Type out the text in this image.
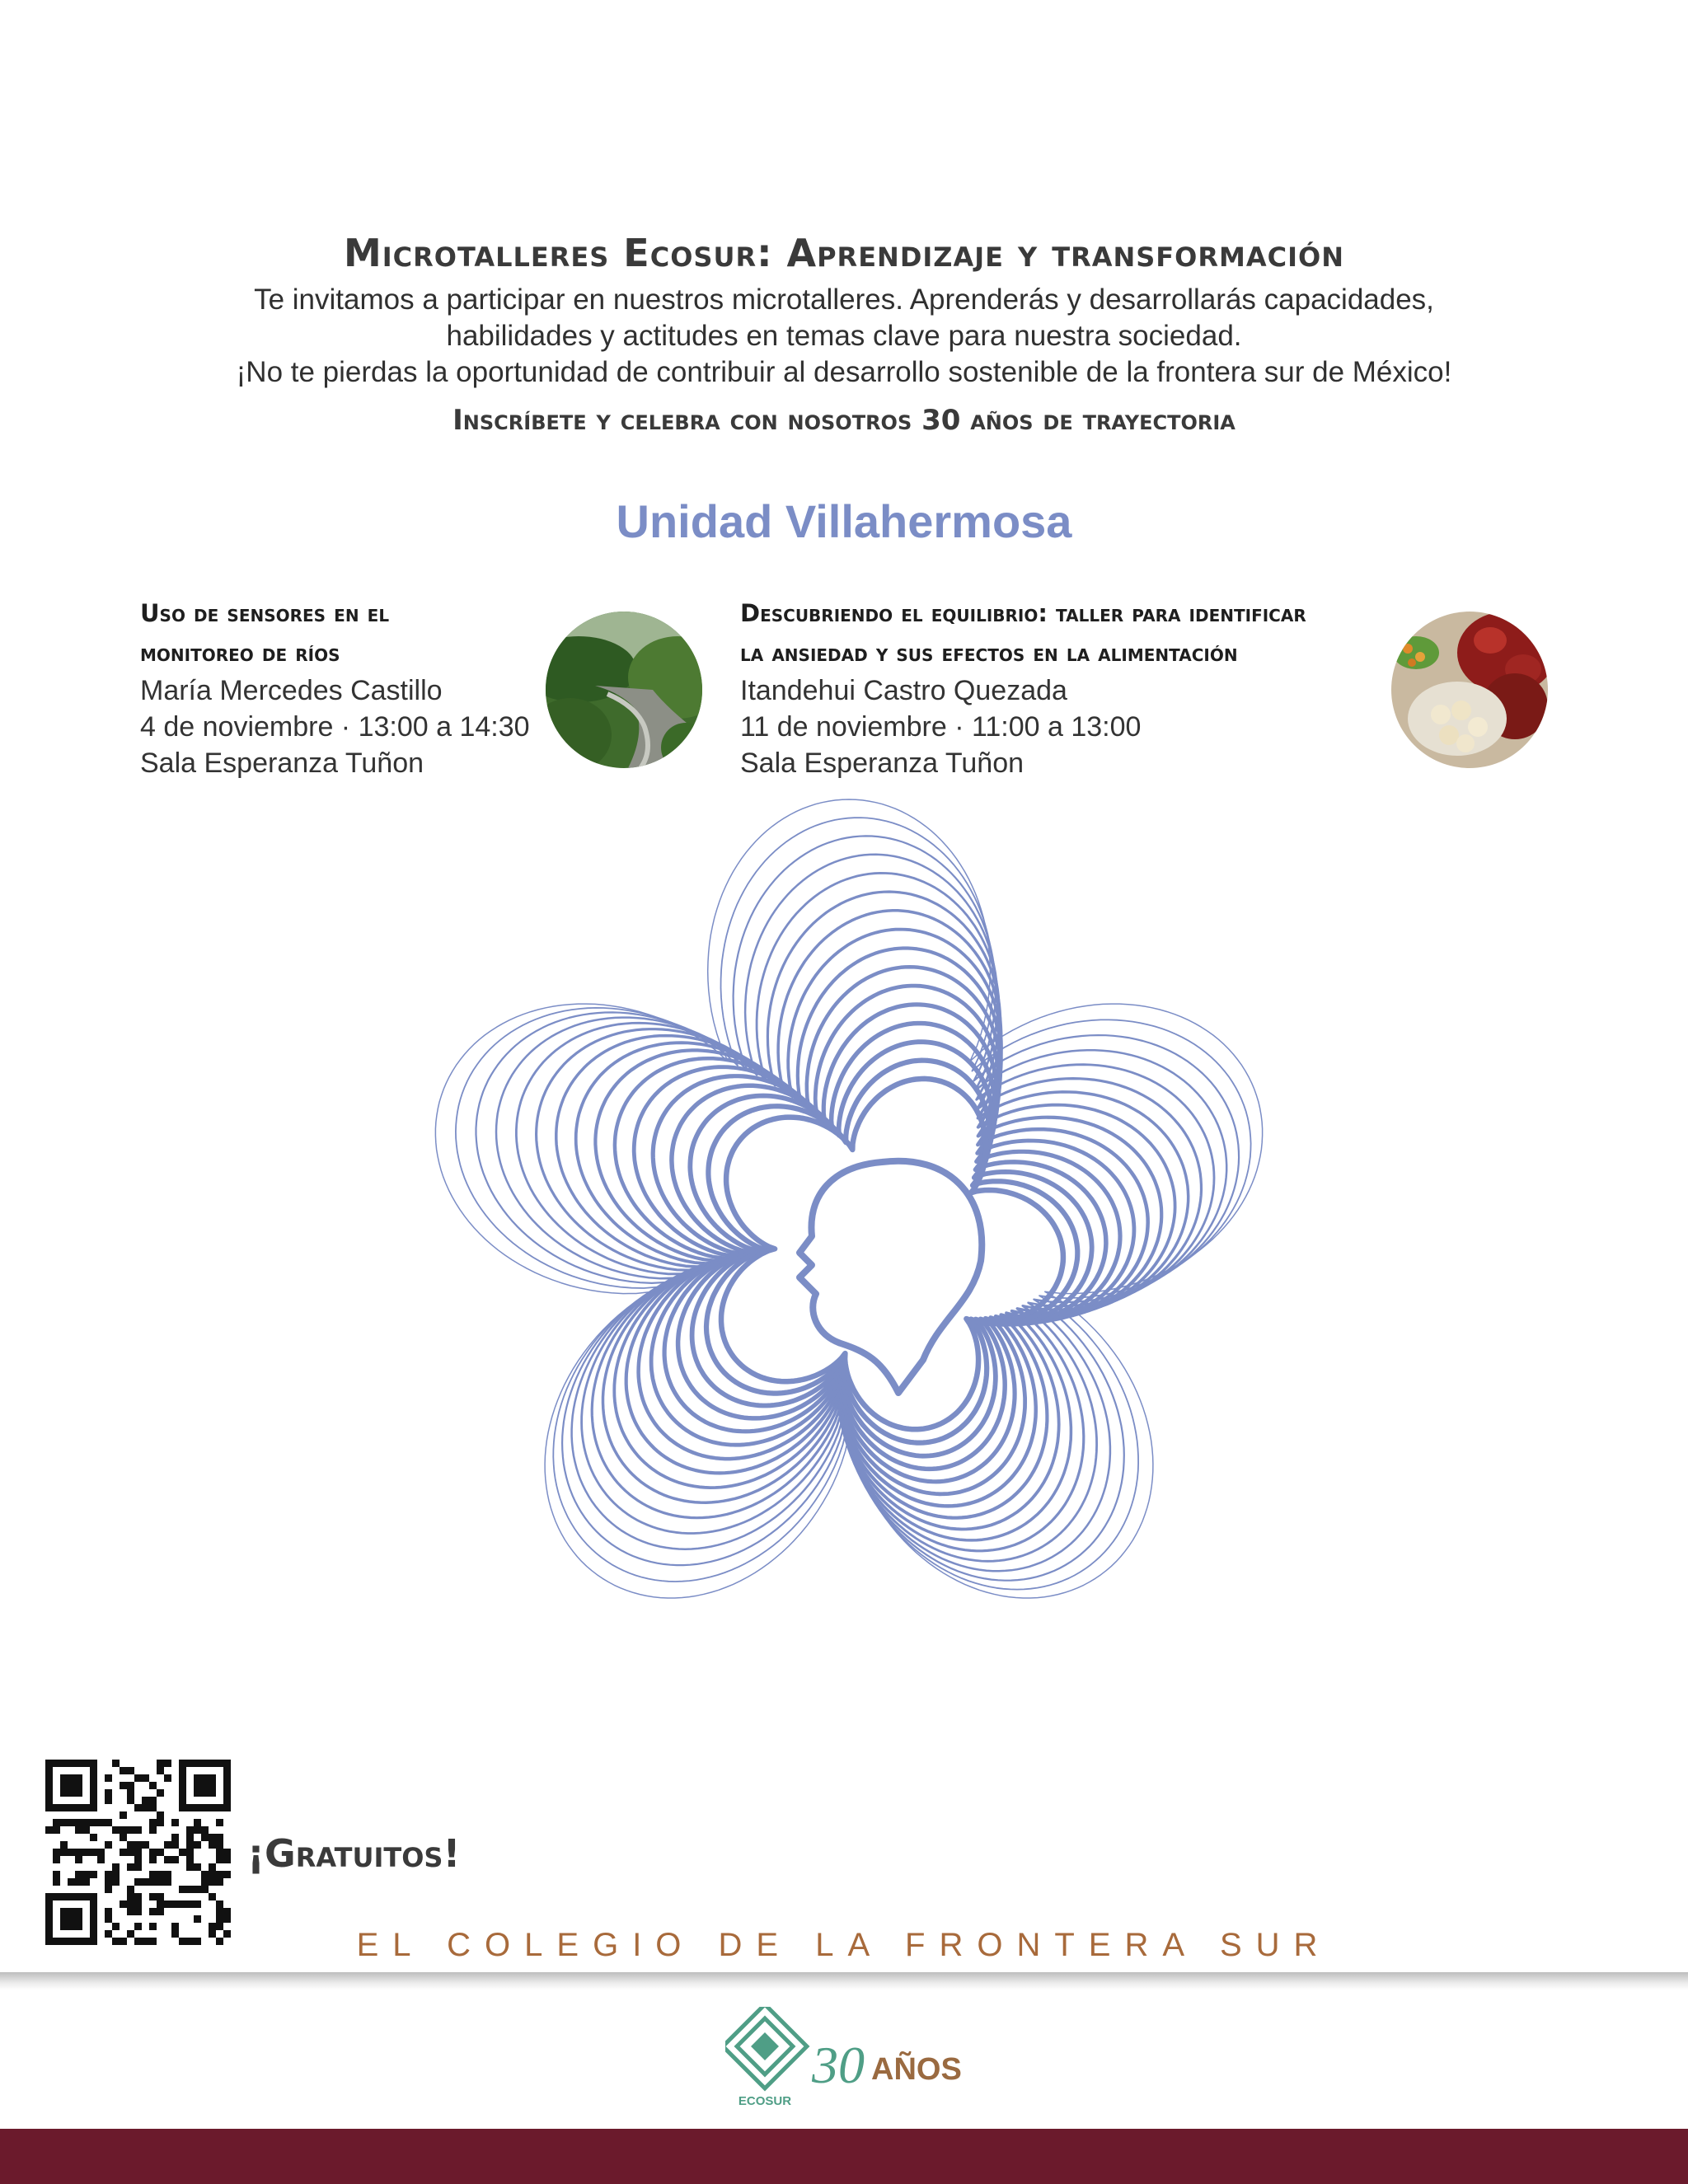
Microtalleres Ecosur: Aprendizaje y transformación
Te invitamos a participar en nuestros microtalleres. Aprenderás y desarrollarás capacidades,
habilidades y actitudes en temas clave para nuestra sociedad.
¡No te pierdas la oportunidad de contribuir al desarrollo sostenible de la frontera sur de México!
Inscríbete y celebra con nosotros 30 años de trayectoria
Unidad Villahermosa
Uso de sensores en el
monitoreo de ríos
María Mercedes Castillo
4 de noviembre · 13:00 a 14:30
Sala Esperanza Tuñon
Descubriendo el equilibrio: taller para identificar
la ansiedad y sus efectos en la alimentación
Itandehui Castro Quezada
11 de noviembre · 11:00 a 13:00
Sala Esperanza Tuñon
¡Gratuitos!
EL COLEGIO DE LA FRONTERA SUR
30
ECOSUR
AÑOS
